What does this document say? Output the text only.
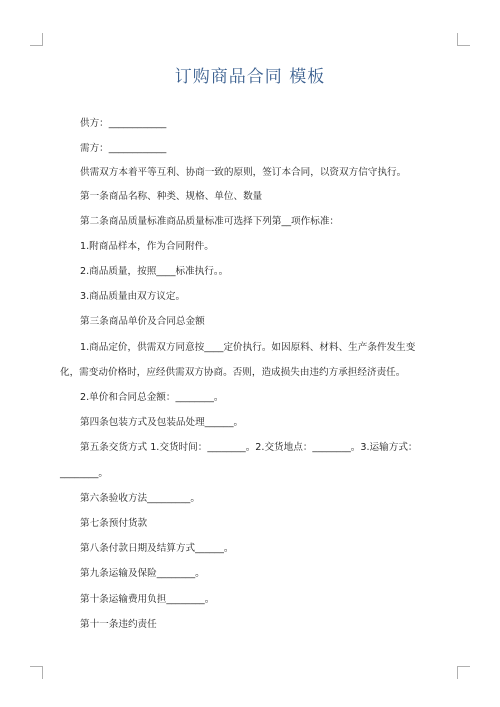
订购商品合同 模板
供方：____________
需方：____________
供需双方本着平等互利、协商一致的原则，签订本合同，以资双方信守执行。
第一条商品名称、种类、规格、单位、数量
第二条商品质量标准商品质量标准可选择下列第__项作标准：
1.附商品样本，作为合同附件。
2.商品质量，按照____标准执行。。
3.商品质量由双方议定。
第三条商品单价及合同总金额
1.商品定价，供需双方同意按____定价执行。如因原料、材料、生产条件发生变
化，需变动价格时，应经供需双方协商。否则，造成损失由违约方承担经济责任。
2.单价和合同总金额：________。
第四条包装方式及包装品处理______。
第五条交货方式 1.交货时间：________。2.交货地点：________。3.运输方式：
________。
第六条验收方法_________。
第七条预付货款
第八条付款日期及结算方式______。
第九条运输及保险________。
第十条运输费用负担________。
第十一条违约责任
